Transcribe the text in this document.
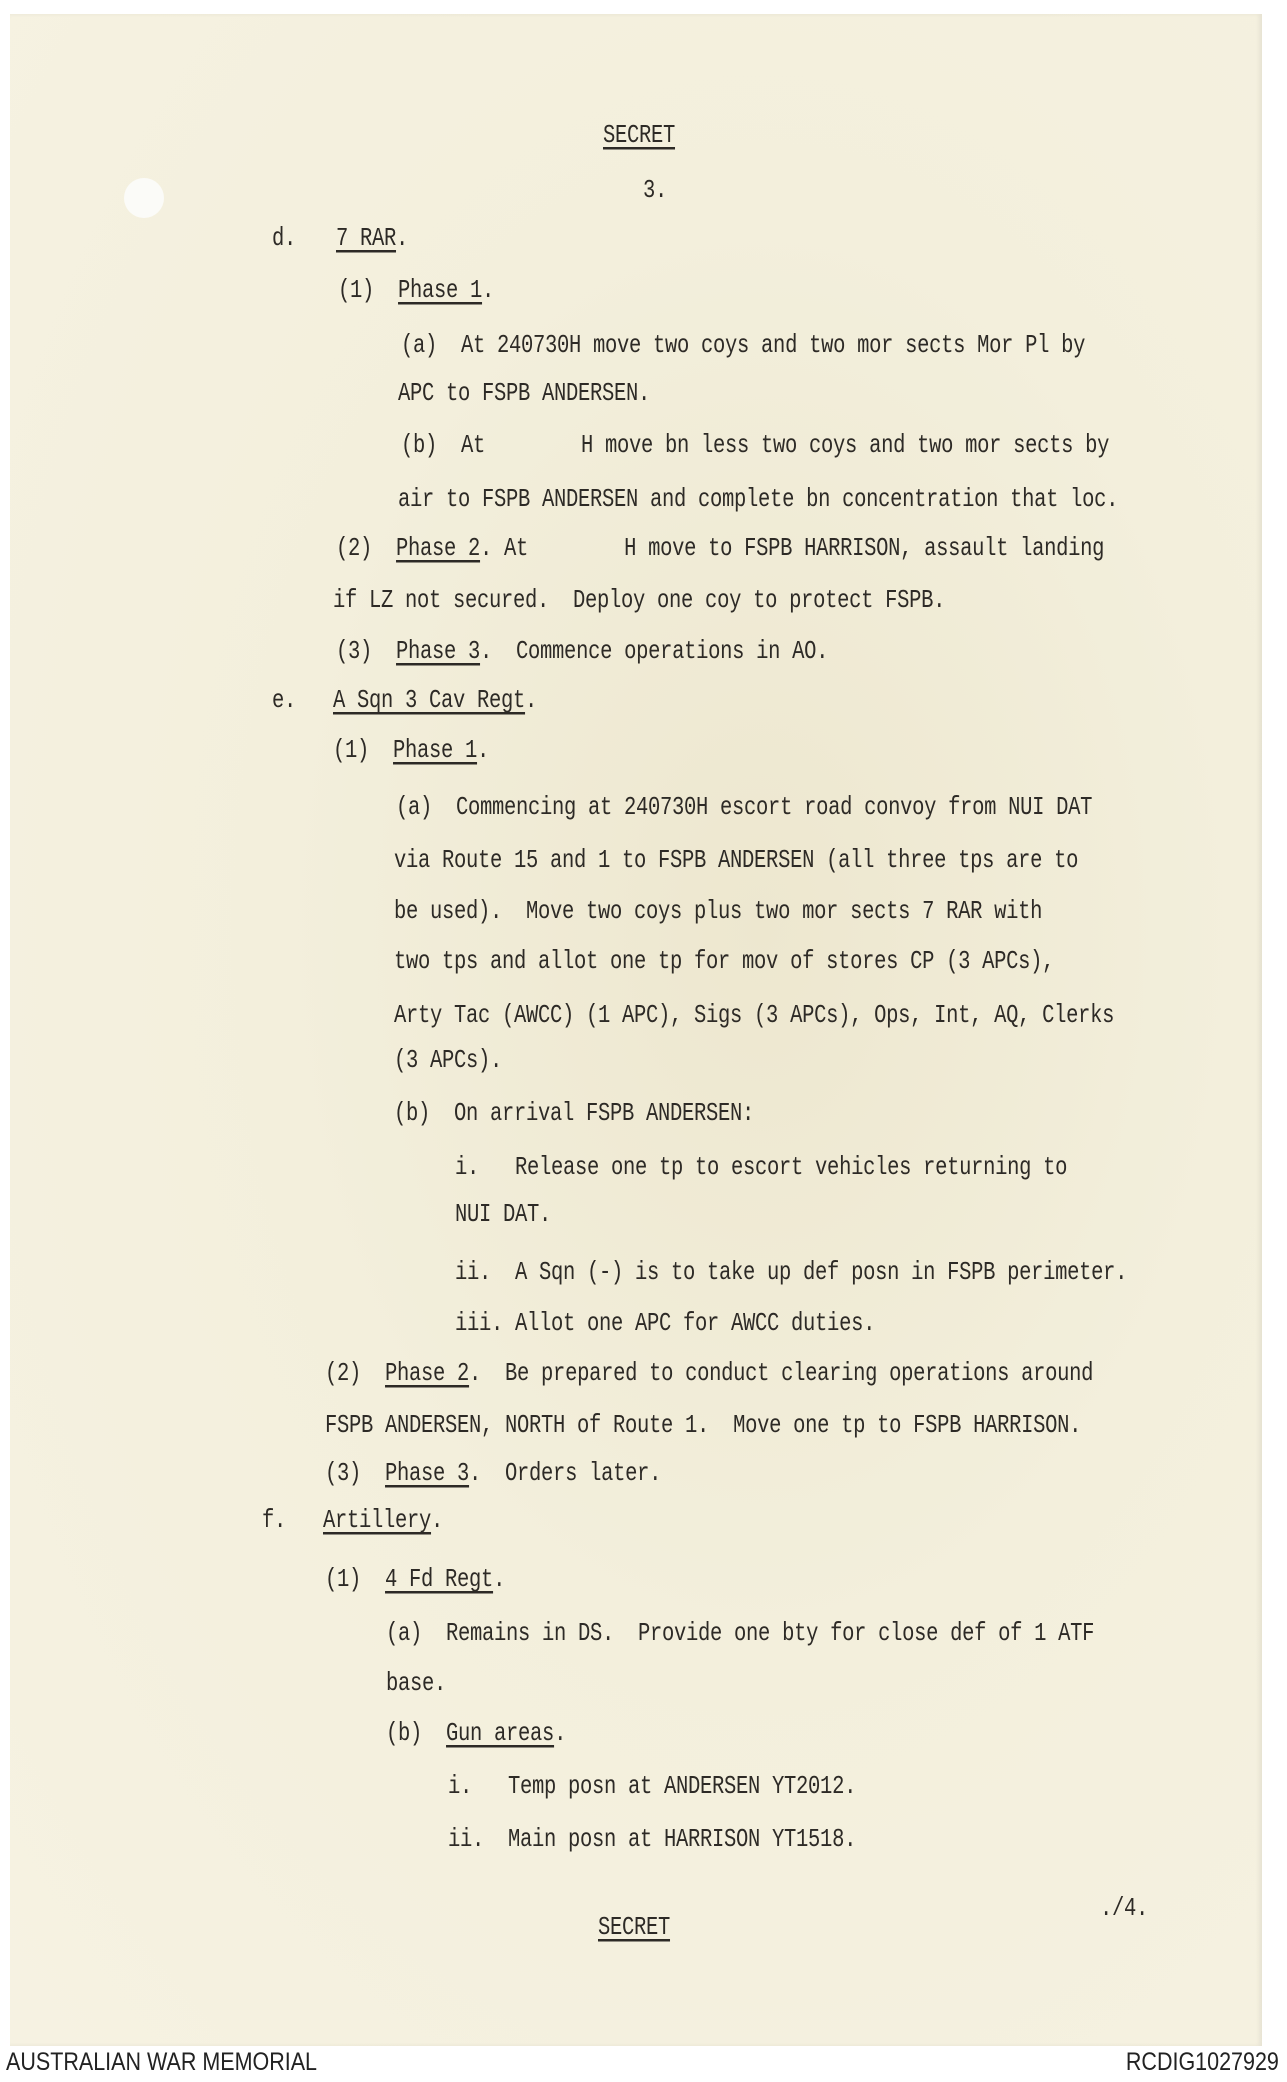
SECRET
3.
d. 7 RAR.
(1) Phase 1.
(a)  At 240730H move two coys and two mor sects Mor Pl by
APC to FSPB ANDERSEN.
(b)  At	H move bn less two coys and two mor sects by
air to FSPB ANDERSEN and complete bn concentration that loc.
(2) Phase 2. At	H move to FSPB HARRISON, assault landing
if LZ not secured.  Deploy one coy to protect FSPB.
(3) Phase 3.  Commence operations in AO.
e. A Sqn 3 Cav Regt.
(1) Phase 1.
(a)  Commencing at 240730H escort road convoy from NUI DAT
via Route 15 and 1 to FSPB ANDERSEN (all three tps are to
be used).  Move two coys plus two mor sects 7 RAR with
two tps and allot one tp for mov of stores CP (3 APCs),
Arty Tac (AWCC) (1 APC), Sigs (3 APCs), Ops, Int, AQ, Clerks
(3 APCs).
(b)  On arrival FSPB ANDERSEN:
i.   Release one tp to escort vehicles returning to
NUI DAT.
ii.  A Sqn (-) is to take up def posn in FSPB perimeter.
iii. Allot one APC for AWCC duties.
(2) Phase 2.  Be prepared to conduct clearing operations around
FSPB ANDERSEN, NORTH of Route 1.  Move one tp to FSPB HARRISON.
(3) Phase 3.  Orders later.
f. Artillery.
(1) 4 Fd Regt.
(a)  Remains in DS.  Provide one bty for close def of 1 ATF
base.
(b) Gun areas.
i.   Temp posn at ANDERSEN YT2012.
ii.  Main posn at HARRISON YT1518.
./4.
SECRET
AUSTRALIAN WAR MEMORIAL	RCDIG1027929
